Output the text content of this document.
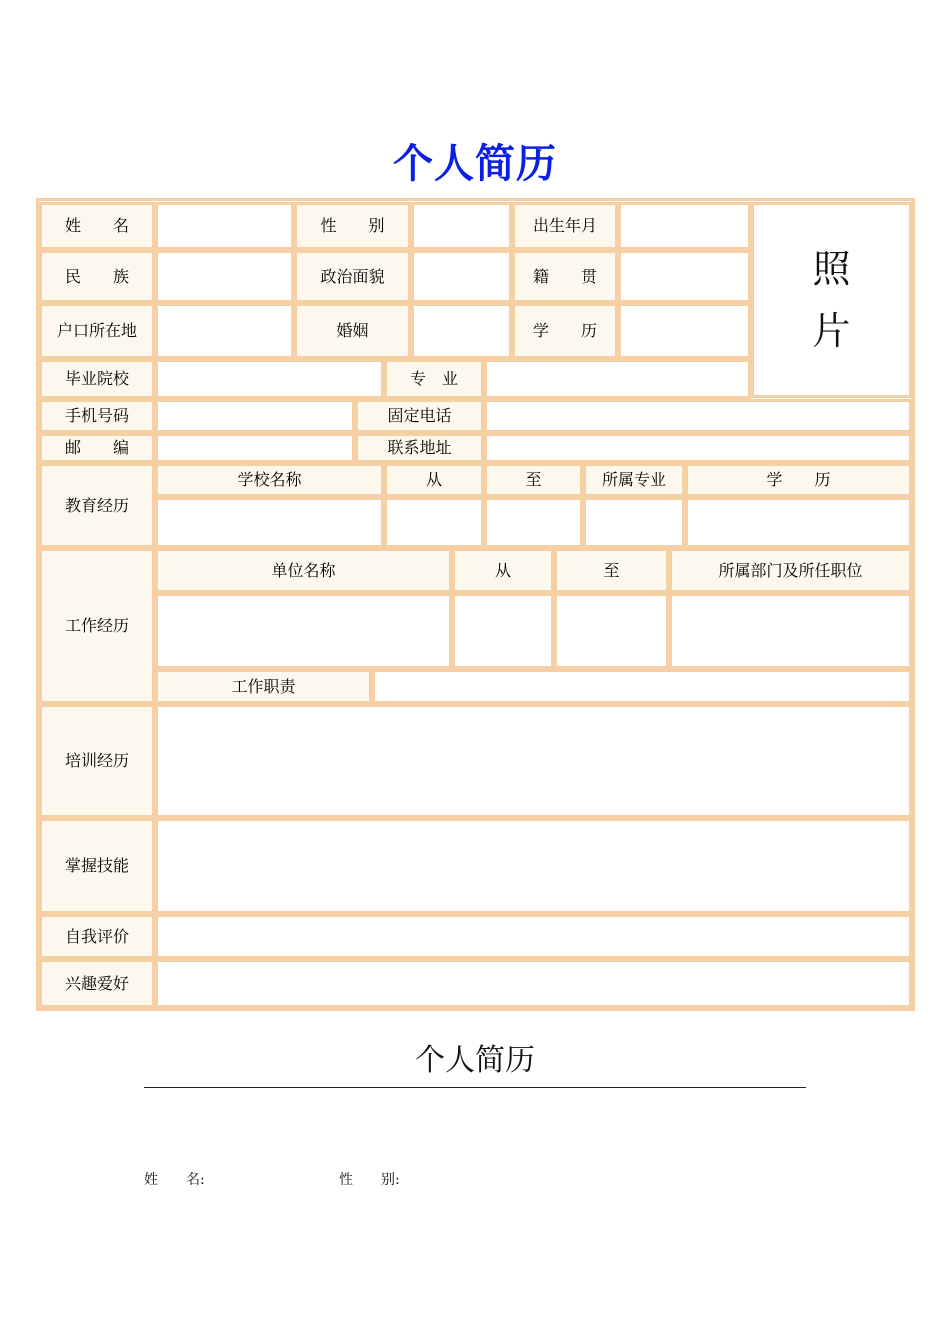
个人简历
姓　　名	性　　别	出生年月
照
片
民　　族	政治面貌	籍　　贯
户口所在地	婚姻	学　　历
毕业院校	专　业
手机号码	固定电话
邮　　编	联系地址
教育经历
学校名称	从	至	所属专业	学　　历
工作经历
单位名称	从	至	所属部门及所任职位
工作职责
培训经历
掌握技能
自我评价
兴趣爱好
个人简历
姓　　名:	性　　别:
